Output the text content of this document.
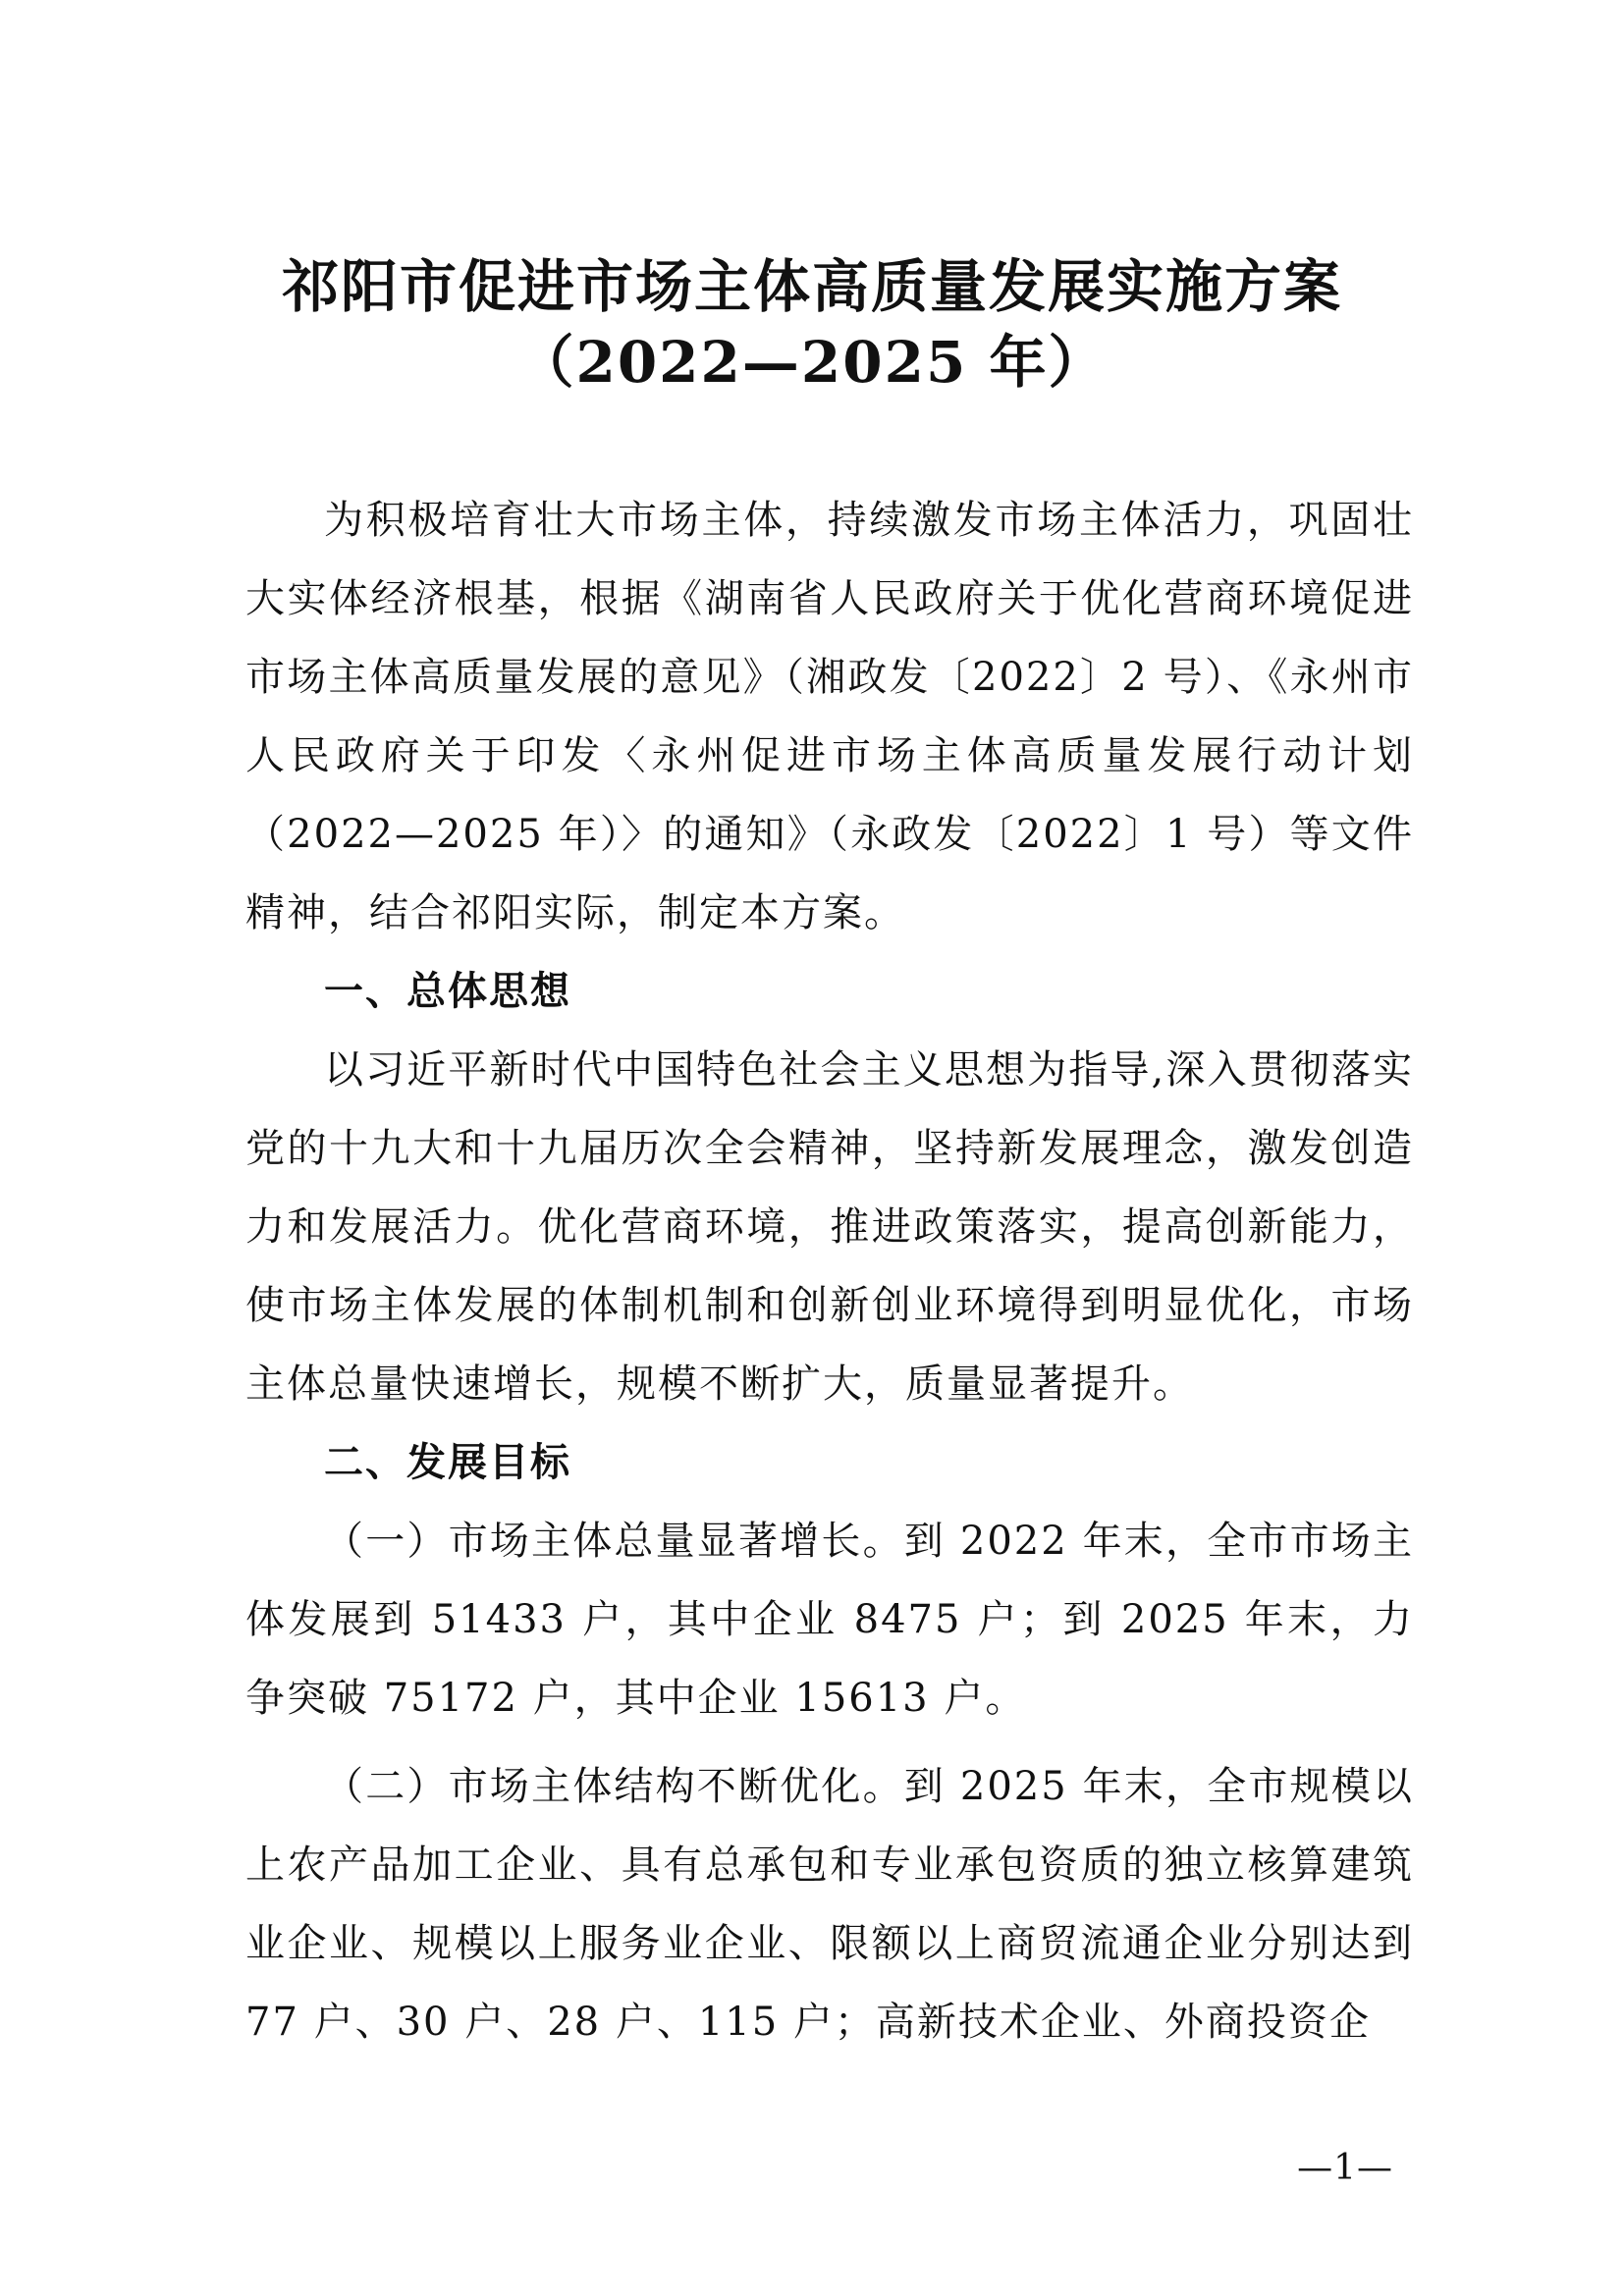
祁阳市促进市场主体高质量发展实施方案
（2022—2025 年）

为积极培育壮大市场主体，持续激发市场主体活力，巩固壮大实体经济根基，根据《湖南省人民政府关于优化营商环境促进市场主体高质量发展的意见》（湘政发〔2022〕2 号）、《永州市人民政府关于印发〈永州促进市场主体高质量发展行动计划（2022—2025 年）〉的通知》（永政发〔2022〕1 号）等文件精神，结合祁阳实际，制定本方案。

一、总体思想

以习近平新时代中国特色社会主义思想为指导,深入贯彻落实党的十九大和十九届历次全会精神，坚持新发展理念，激发创造力和发展活力。优化营商环境，推进政策落实，提高创新能力，使市场主体发展的体制机制和创新创业环境得到明显优化，市场主体总量快速增长，规模不断扩大，质量显著提升。

二、发展目标

（一）市场主体总量显著增长。到 2022 年末，全市市场主体发展到 51433 户，其中企业 8475 户；到 2025 年末，力争突破 75172 户，其中企业 15613 户。

（二）市场主体结构不断优化。到 2025 年末，全市规模以上农产品加工企业、具有总承包和专业承包资质的独立核算建筑业企业、规模以上服务业企业、限额以上商贸流通企业分别达到 77 户、30 户、28 户、115 户；高新技术企业、外商投资企

—1—
